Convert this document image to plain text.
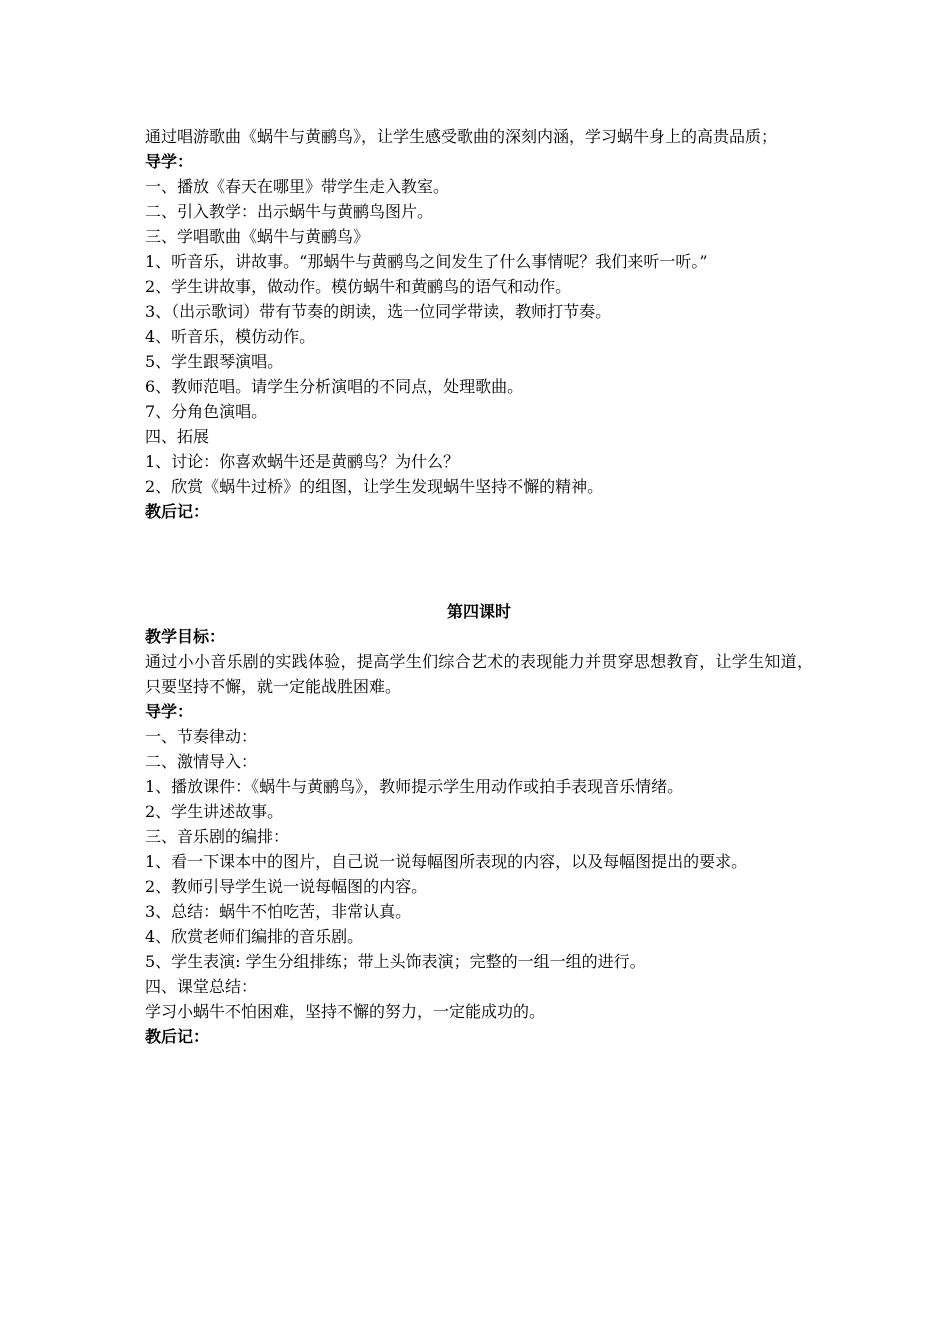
通过唱游歌曲《蜗牛与黄鹂鸟》，让学生感受歌曲的深刻内涵，学习蜗牛身上的高贵品质；
导学：
一、播放《春天在哪里》带学生走入教室。
二、引入教学：出示蜗牛与黄鹂鸟图片。
三、学唱歌曲《蜗牛与黄鹂鸟》
1、听音乐，讲故事。“那蜗牛与黄鹂鸟之间发生了什么事情呢？我们来听一听。”
2、学生讲故事，做动作。模仿蜗牛和黄鹂鸟的语气和动作。
3、（出示歌词）带有节奏的朗读，选一位同学带读，教师打节奏。
4、听音乐，模仿动作。
5、学生跟琴演唱。
6、教师范唱。请学生分析演唱的不同点，处理歌曲。
7、分角色演唱。
四、拓展
1、讨论：你喜欢蜗牛还是黄鹂鸟？为什么？
2、欣赏《蜗牛过桥》的组图，让学生发现蜗牛坚持不懈的精神。
教后记：
第四课时
教学目标：
通过小小音乐剧的实践体验，提高学生们综合艺术的表现能力并贯穿思想教育，让学生知道，只要坚持不懈，就一定能战胜困难。
导学：
一、节奏律动：
二、激情导入：
1、播放课件：《蜗牛与黄鹂鸟》，教师提示学生用动作或拍手表现音乐情绪。
2、学生讲述故事。
三、音乐剧的编排：
1、看一下课本中的图片，自己说一说每幅图所表现的内容，以及每幅图提出的要求。
2、教师引导学生说一说每幅图的内容。
3、总结：蜗牛不怕吃苦，非常认真。
4、欣赏老师们编排的音乐剧。
5、学生表演: 学生分组排练；带上头饰表演；完整的一组一组的进行。
四、课堂总结：
学习小蜗牛不怕困难，坚持不懈的努力，一定能成功的。
教后记：
